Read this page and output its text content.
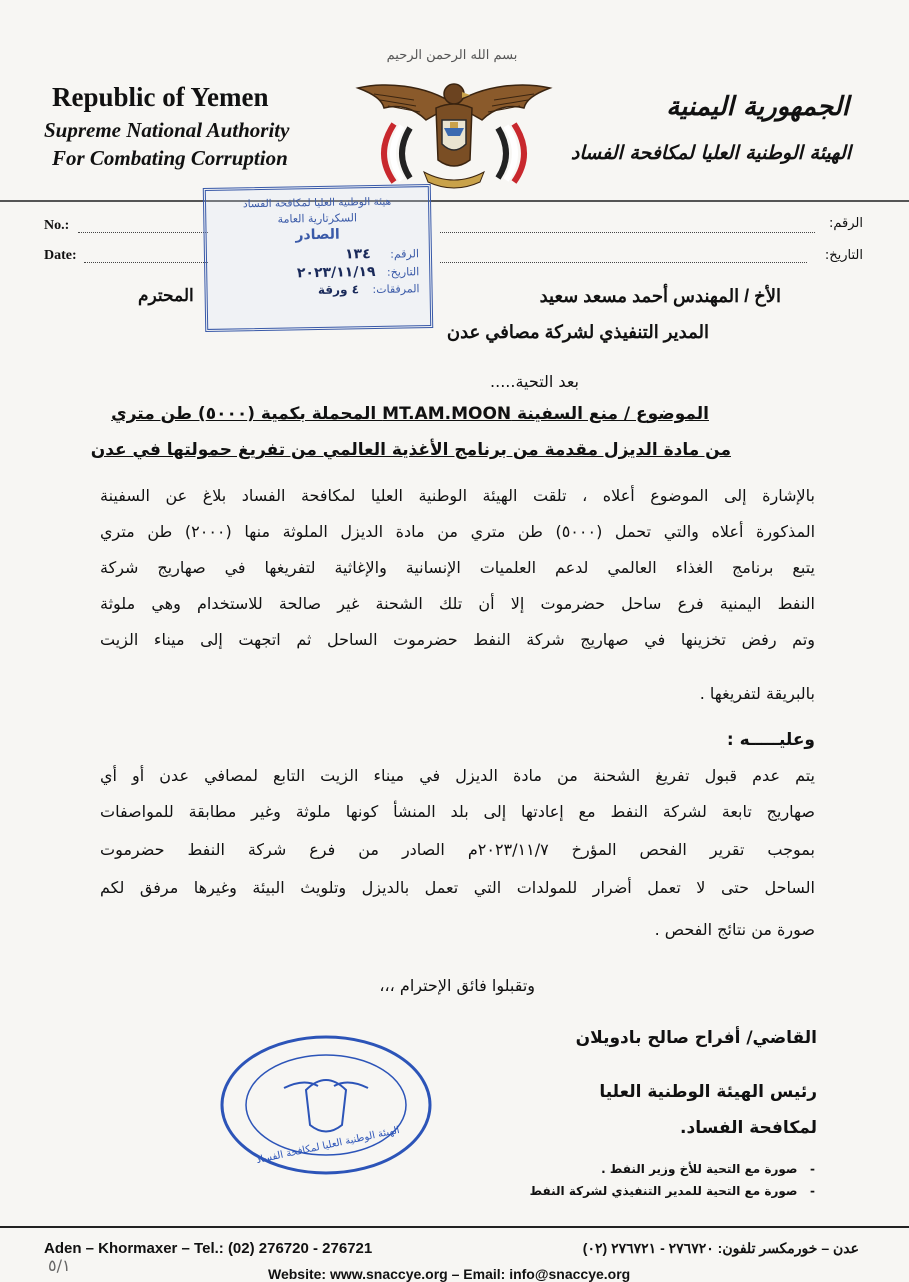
بسم الله الرحمن الرحيم
Republic of Yemen
Supreme National Authority
For Combating Corruption
الجمهورية اليمنية
الهيئة الوطنية العليا لمكافحة الفساد
No.:
Date:
الرقم:
التاريخ:
هيئة الوطنية العليا لمكافحة الفساد
السكرتارية العامة
الصادر
الرقم: ١٣٤
التاريخ: ٢٠٢٣/١١/١٩
المرفقات: ٤ ورقة
المحترم	الأخ / المهندس أحمد مسعد سعيد
المدير التنفيذي لشركة مصافي عدن
بعد التحية.....
الموضوع / منع السفينة MT.AM.MOON المحملة بكمية (٥٠٠٠) طن متري
من مادة الديزل مقدمة من برنامج الأغذية العالمي من تفريغ حمولتها في عدن
بالإشارة إلى الموضوع أعلاه ، تلقت الهيئة الوطنية العليا لمكافحة الفساد بلاغ عن السفينة
المذكورة أعلاه والتي تحمل (٥٠٠٠) طن متري من مادة الديزل الملوثة منها (٢٠٠٠) طن متري
يتبع برنامج الغذاء العالمي لدعم العلميات الإنسانية والإغاثية لتفريغها في صهاريج شركة
النفط اليمنية فرع ساحل حضرموت إلا أن تلك الشحنة غير صالحة للاستخدام وهي ملوثة
وتم رفض تخزينها في صهاريج شركة النفط حضرموت الساحل ثم اتجهت إلى ميناء الزيت
بالبريقة لتفريغها .
وعليـــــه :
يتم عدم قبول تفريغ الشحنة من مادة الديزل في ميناء الزيت التابع لمصافي عدن أو أي
صهاريج تابعة لشركة النفط مع إعادتها إلى بلد المنشأ كونها ملوثة وغير مطابقة للمواصفات
بموجب تقرير الفحص المؤرخ ٢٠٢٣/١١/٧م الصادر من فرع شركة النفط حضرموت
الساحل حتى لا تعمل أضرار للمولدات التي تعمل بالديزل وتلويث البيئة وغيرها مرفق لكم
صورة من نتائج الفحص .
وتقبلوا فائق الإحترام ،،،
الهيئة الوطنية العليا لمكافحة الفساد
القاضي/ أفراح صالح بادويلان
رئيس الهيئة الوطنية العليا
لمكافحة الفساد.
-   صورة مع التحية للأخ وزير النفط .
-   صورة مع التحية للمدير التنفيذي لشركة النفط
Aden – Khormaxer – Tel.: (02) 276720 - 276721	عدن – خورمكسر تلفون: ٢٧٦٧٢٠ - ٢٧٦٧٢١ (٠٢)
Website: www.snaccye.org – Email: info@snaccye.org
٥/١
